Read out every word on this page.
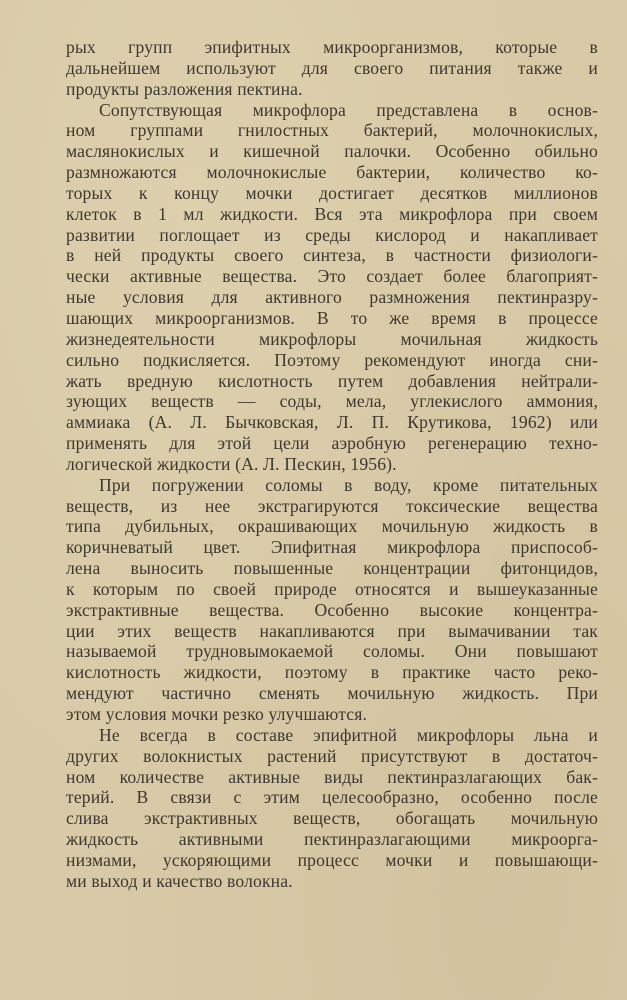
рых групп эпифитных микроорганизмов, которые в
дальнейшем используют для своего питания также и
продукты разложения пектина.
Сопутствующая микрофлора представлена в основ-
ном группами гнилостных бактерий, молочнокислых,
маслянокислых и кишечной палочки. Особенно обильно
размножаются молочнокислые бактерии, количество ко-
торых к концу мочки достигает десятков миллионов
клеток в 1 мл жидкости. Вся эта микрофлора при своем
развитии поглощает из среды кислород и накапливает
в ней продукты своего синтеза, в частности физиологи-
чески активные вещества. Это создает более благоприят-
ные условия для активного размножения пектинразру-
шающих микроорганизмов. В то же время в процессе
жизнедеятельности микрофлоры мочильная жидкость
сильно подкисляется. Поэтому рекомендуют иногда сни-
жать вредную кислотность путем добавления нейтрали-
зующих веществ — соды, мела, углекислого аммония,
аммиака (А. Л. Бычковская, Л. П. Крутикова, 1962) или
применять для этой цели аэробную регенерацию техно-
логической жидкости (А. Л. Пескин, 1956).
При погружении соломы в воду, кроме питательных
веществ, из нее экстрагируются токсические вещества
типа дубильных, окрашивающих мочильную жидкость в
коричневатый цвет. Эпифитная микрофлора приспособ-
лена выносить повышенные концентрации фитонцидов,
к которым по своей природе относятся и вышеуказанные
экстрактивные вещества. Особенно высокие концентра-
ции этих веществ накапливаются при вымачивании так
называемой трудновымокаемой соломы. Они повышают
кислотность жидкости, поэтому в практике часто реко-
мендуют частично сменять мочильную жидкость. При
этом условия мочки резко улучшаются.
Не всегда в составе эпифитной микрофлоры льна и
других волокнистых растений присутствуют в достаточ-
ном количестве активные виды пектинразлагающих бак-
терий. В связи с этим целесообразно, особенно после
слива экстрактивных веществ, обогащать мочильную
жидкость активными пектинразлагающими микроорга-
низмами, ускоряющими процесс мочки и повышающи-
ми выход и качество волокна.
